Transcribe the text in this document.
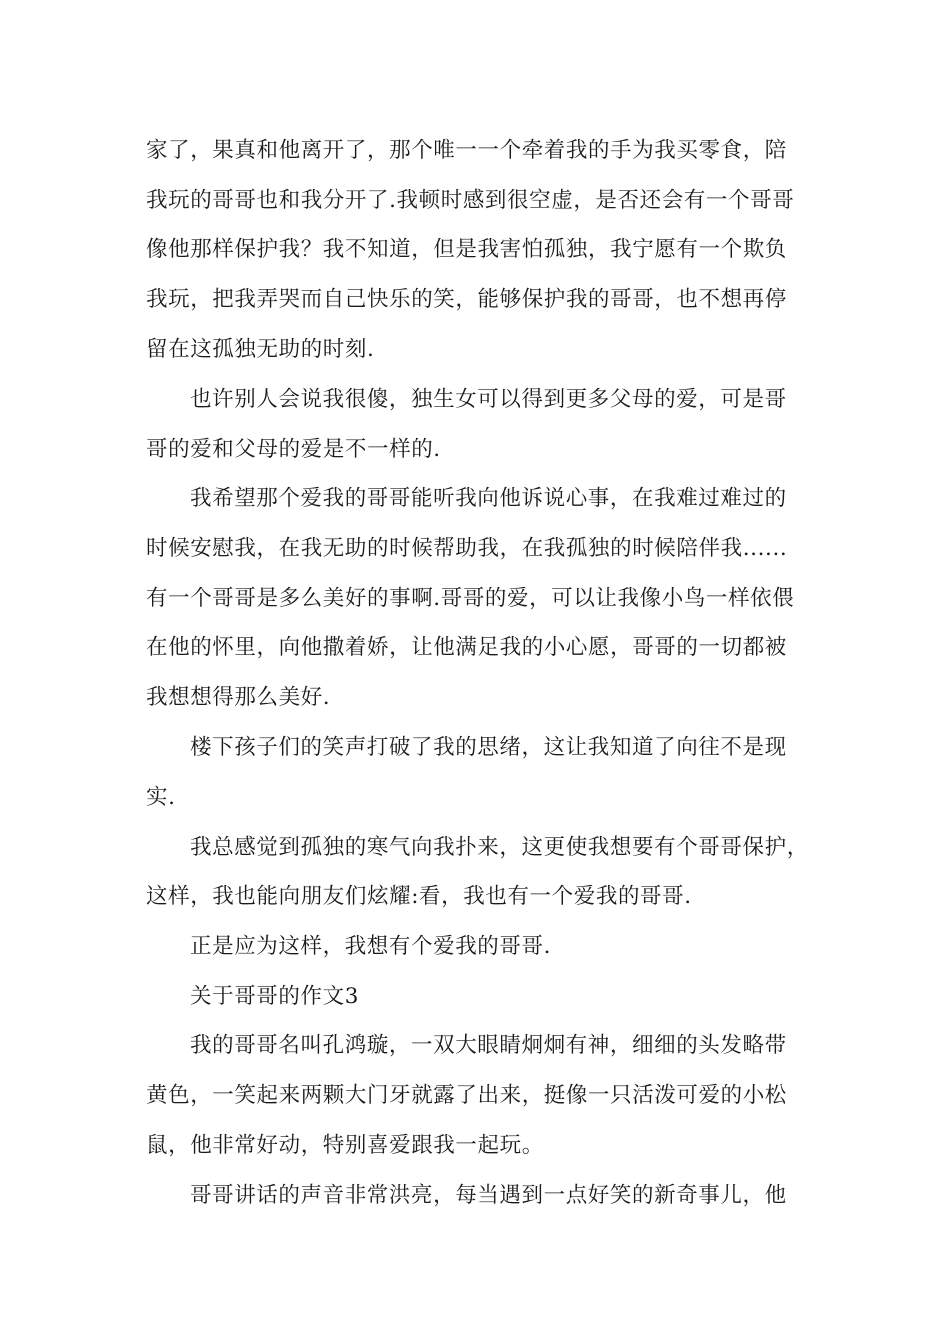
家了，果真和他离开了，那个唯一一个牵着我的手为我买零食，陪
我玩的哥哥也和我分开了.我顿时感到很空虚，是否还会有一个哥哥
像他那样保护我？我不知道，但是我害怕孤独，我宁愿有一个欺负
我玩，把我弄哭而自己快乐的笑，能够保护我的哥哥，也不想再停
留在这孤独无助的时刻.
也许别人会说我很傻，独生女可以得到更多父母的爱，可是哥
哥的爱和父母的爱是不一样的.
我希望那个爱我的哥哥能听我向他诉说心事，在我难过难过的
时候安慰我，在我无助的时候帮助我，在我孤独的时候陪伴我......
有一个哥哥是多么美好的事啊.哥哥的爱，可以让我像小鸟一样依偎
在他的怀里，向他撒着娇，让他满足我的小心愿，哥哥的一切都被
我想想得那么美好.
楼下孩子们的笑声打破了我的思绪，这让我知道了向往不是现
实.
我总感觉到孤独的寒气向我扑来，这更使我想要有个哥哥保护，
这样，我也能向朋友们炫耀:看，我也有一个爱我的哥哥.
正是应为这样，我想有个爱我的哥哥.
关于哥哥的作文3
我的哥哥名叫孔鸿璇，一双大眼睛炯炯有神，细细的头发略带
黄色，一笑起来两颗大门牙就露了出来，挺像一只活泼可爱的小松
鼠，他非常好动，特别喜爱跟我一起玩。
哥哥讲话的声音非常洪亮，每当遇到一点好笑的新奇事儿，他
